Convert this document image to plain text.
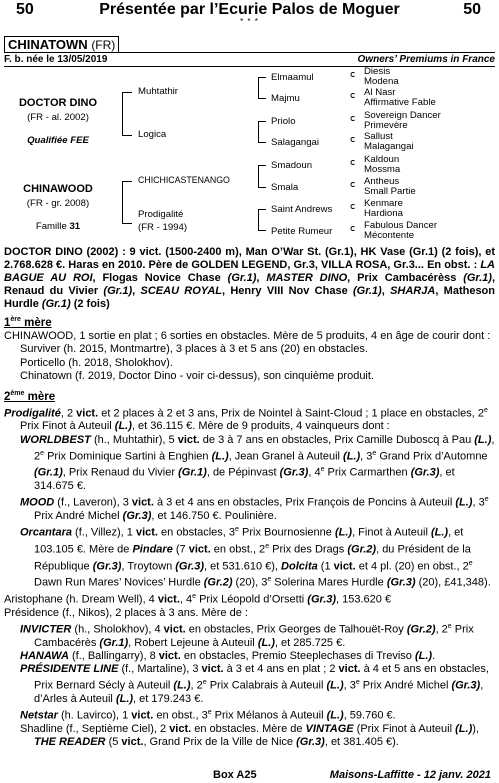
50	Présentée par l’Ecurie Palos de Moguer	50
* * *
CHINATOWN (FR)
F. b. née le 13/05/2019	Owners’ Premiums in France
DOCTOR DINO
(FR - al. 2002)
Qualifiée FEE
CHINAWOOD
(FR - gr. 2008)
Famille 31
Muhtathir
Logica
CHICHICASTENANGO
Prodigalité
(FR - 1994)
Elmaamul
Majmu
Priolo
Salagangai
Smadoun
Smala
Saint Andrews
Petite Rumeur
ⅽ Diesis
Modena
ⅽ Al Nasr
Affirmative Fable
ⅽ Sovereign Dancer
Primevère
ⅽ Sallust
Malagangai
ⅽ Kaldoun
Mossma
ⅽ Antheus
Small Partie
ⅽ Kenmare
Hardiona
ⅽ Fabulous Dancer
Mécontente

DOCTOR DINO (2002) : 9 vict. (1500-2400 m), Man O’War St. (Gr.1), HK Vase (Gr.1) (2 fois), et 2.768.628 €. Haras en 2010. Père de GOLDEN LEGEND, Gr.3, VILLA ROSA, Gr.3... En obst. : LA BAGUE AU ROI, Flogas Novice Chase (Gr.1), MASTER DINO, Prix Cambacérèss (Gr.1), Renaud du Vivier (Gr.1), SCEAU ROYAL, Henry VIII Nov Chase (Gr.1), SHARJA, Matheson Hurdle (Gr.1) (2 fois)

1ère mère

CHINAWOOD, 1 sortie en plat ; 6 sorties en obstacles. Mère de 5 produits, 4 en âge de courir dont :

Surviver (h. 2015, Montmartre), 3 places à 3 et 5 ans (20) en obstacles.

Porticello (h. 2018, Sholokhov).

Chinatown (f. 2019, Doctor Dino - voir ci-dessus), son cinquième produit.

2ème mère

Prodigalité, 2 vict. et 2 places à 2 et 3 ans, Prix de Nointel à Saint-Cloud ; 1 place en obstacles, 2e Prix Finot à Auteuil (L.), et 36.115 €. Mère de 9 produits, 4 vainqueurs dont :

WORLDBEST (h., Muhtathir), 5 vict. de 3 à 7 ans en obstacles, Prix Camille Duboscq à Pau (L.), 2e Prix Dominique Sartini à Enghien (L.), Jean Granel à Auteuil (L.), 3e Grand Prix d’Automne (Gr.1), Prix Renaud du Vivier (Gr.1), de Pépinvast (Gr.3), 4e Prix Carmarthen (Gr.3), et 314.675 €.

MOOD (f., Laveron), 3 vict. à 3 et 4 ans en obstacles, Prix François de Poncins à Auteuil (L.), 3e Prix André Michel (Gr.3), et 146.750 €. Poulinière.

Orcantara (f., Villez), 1 vict. en obstacles, 3e Prix Bournosienne (L.), Finot à Auteuil (L.), et 103.105 €. Mère de Pindare (7 vict. en obst., 2e Prix des Drags (Gr.2), du Président de la République (Gr.3), Troytown (Gr.3), et 531.610 €), Dolcita (1 vict. et 4 pl. (20) en obst., 2e Dawn Run Mares’ Novices’ Hurdle (Gr.2) (20), 3e Solerina Mares Hurdle (Gr.3) (20), £41,348).

Aristophane (h. Dream Well), 4 vict., 4e Prix Léopold d’Orsetti (Gr.3), 153.620 €

Présidence (f., Nikos), 2 places à 3 ans. Mère de :

INVICTER (h., Sholokhov), 4 vict. en obstacles, Prix Georges de Talhouët-Roy (Gr.2), 2e Prix Cambacérès (Gr.1), Robert Lejeune à Auteuil (L.), et 285.725 €.

HANAWA (f., Ballingarry), 8 vict. en obstacles, Premio Steeplechases di Treviso (L.).

PRÉSIDENTE LINE (f., Martaline), 3 vict. à 3 et 4 ans en plat ; 2 vict. à 4 et 5 ans en obstacles, Prix Bernard Sécly à Auteuil (L.), 2e Prix Calabrais à Auteuil (L.), 3e Prix André Michel (Gr.3), d’Arles à Auteuil (L.), et 179.243 €.

Netstar (h. Lavirco), 1 vict. en obst., 3e Prix Mélanos à Auteuil (L.), 59.760 €.

Shadline (f., Septième Ciel), 2 vict. en obstacles. Mère de VINTAGE (Prix Finot à Auteuil (L.)), THE READER (5 vict., Grand Prix de la Ville de Nice (Gr.3), et 381.405 €).

Box A25	Maisons-Laffitte - 12 janv. 2021
